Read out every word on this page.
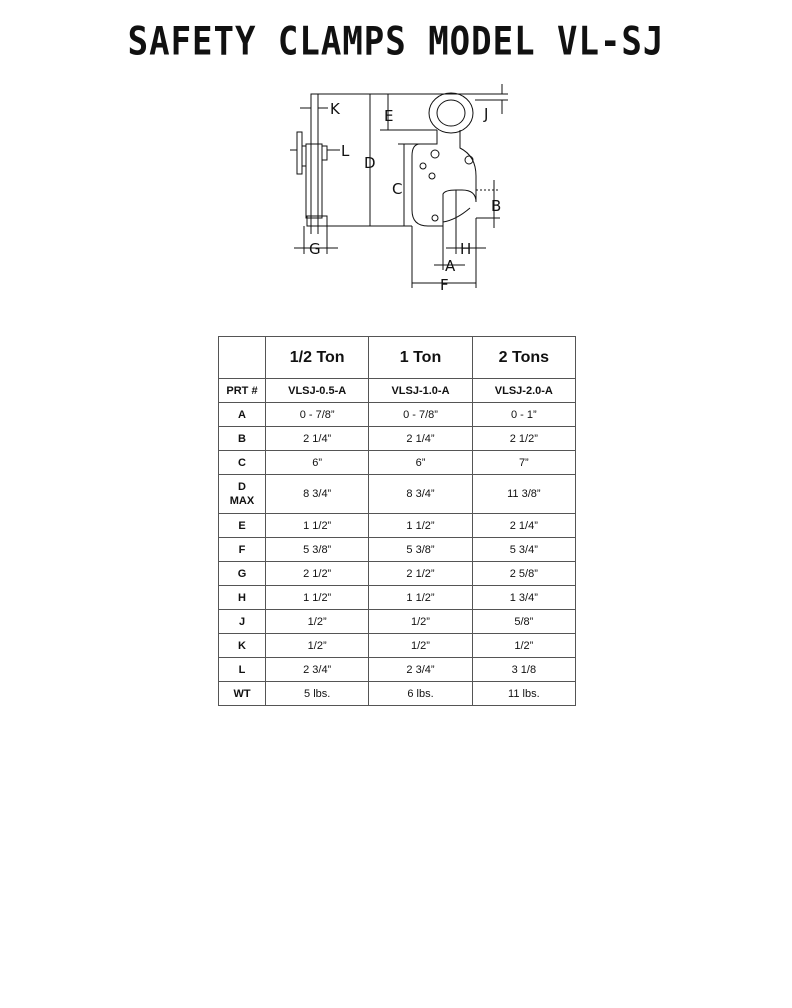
SAFETY CLAMPS MODEL VL-SJ
K
L
G
E	J
D
C
B
H
A
F
	1/2 Ton	1 Ton	2 Tons
PRT #	VLSJ-0.5-A	VLSJ-1.0-A	VLSJ-2.0-A
A	0 - 7/8”	0 - 7/8”	0 - 1”
B	2 1/4”	2 1/4”	2 1/2”
C	6”	6”	7”

D
MAX	8 3/4”	8 3/4”	11 3/8”
E	1 1/2”	1 1/2”	2 1/4”
F	5 3/8”	5 3/8”	5 3/4”
G	2 1/2”	2 1/2”	2 5/8”
H	1 1/2”	1 1/2”	1 3/4”
J	1/2”	1/2”	5/8”
K	1/2”	1/2”	1/2”
L	2 3/4”	2 3/4”	3 1/8
WT	5 lbs.	6 lbs.	11 lbs.
